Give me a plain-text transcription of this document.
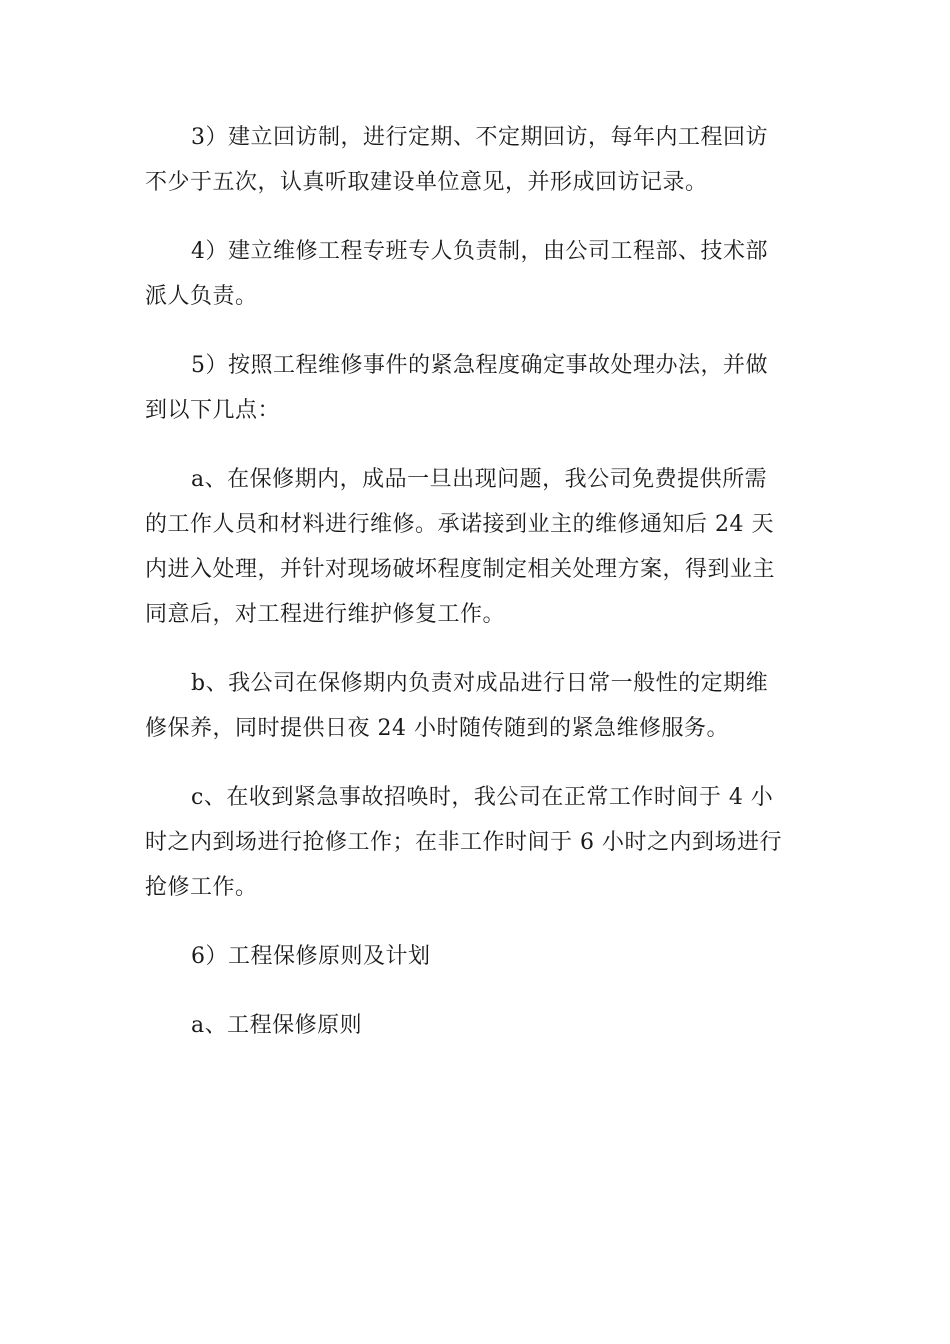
3）建立回访制，进行定期、不定期回访，每年内工程回访
不少于五次，认真听取建设单位意见，并形成回访记录。
4）建立维修工程专班专人负责制，由公司工程部、技术部
派人负责。
5）按照工程维修事件的紧急程度确定事故处理办法，并做
到以下几点：
a、在保修期内，成品一旦出现问题，我公司免费提供所需
的工作人员和材料进行维修。承诺接到业主的维修通知后 24 天
内进入处理，并针对现场破坏程度制定相关处理方案，得到业主
同意后，对工程进行维护修复工作。
b、我公司在保修期内负责对成品进行日常一般性的定期维
修保养，同时提供日夜 24 小时随传随到的紧急维修服务。
c、在收到紧急事故招唤时，我公司在正常工作时间于 4 小
时之内到场进行抢修工作；在非工作时间于 6 小时之内到场进行
抢修工作。
6）工程保修原则及计划
a、工程保修原则
